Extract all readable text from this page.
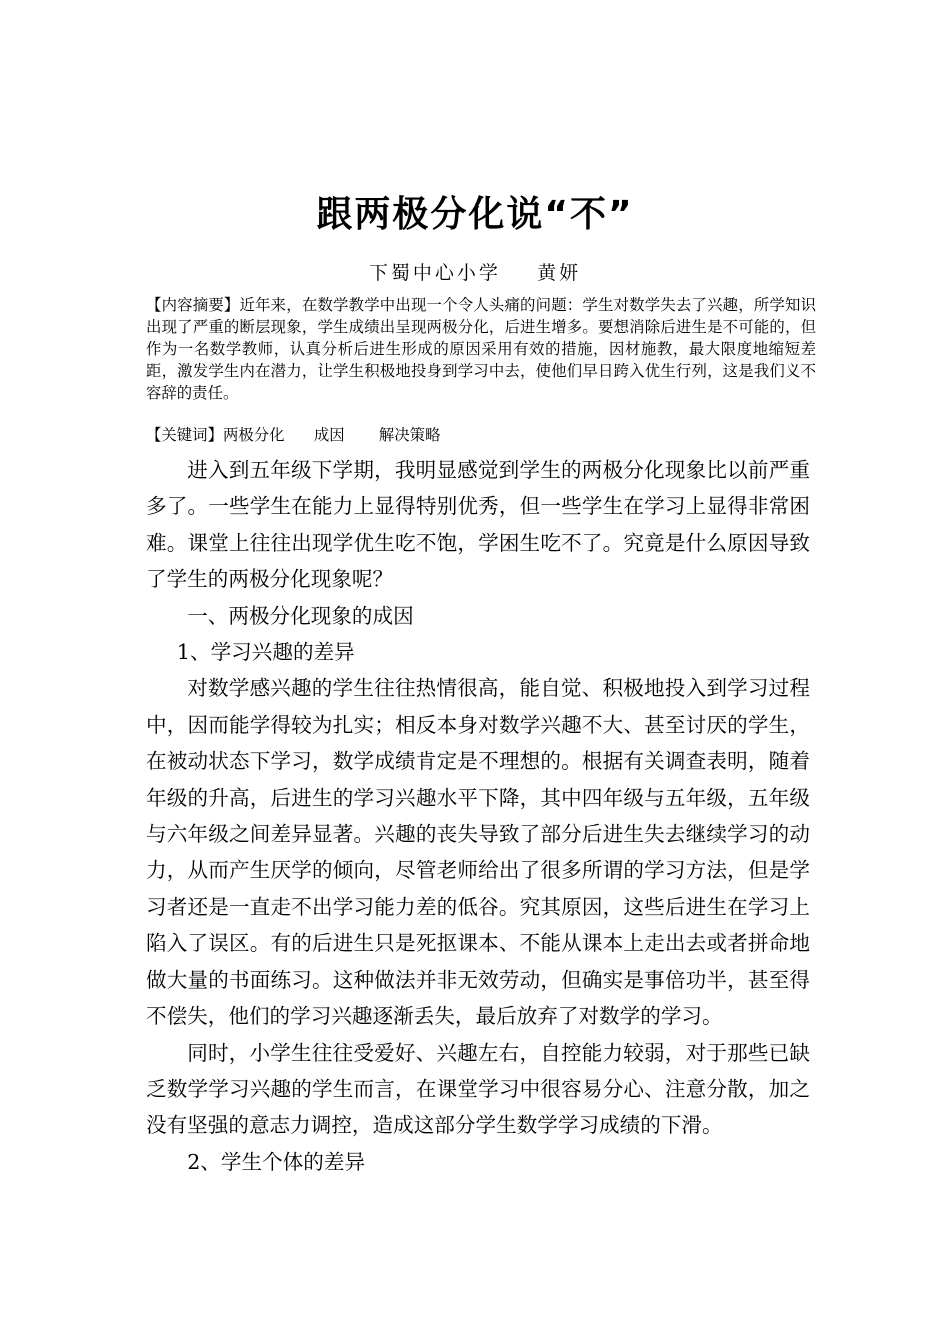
跟两极分化说“不”
下蜀中心小学    黄妍

【内容摘要】近年来，在数学教学中出现一个令人头痛的问题：学生对数学失去了兴趣，所学知识出现了严重的断层现象，学生成绩出呈现两极分化，后进生增多。要想消除后进生是不可能的，但作为一名数学教师，认真分析后进生形成的原因采用有效的措施，因材施教，最大限度地缩短差距，激发学生内在潜力，让学生积极地投身到学习中去，使他们早日跨入优生行列，这是我们义不容辞的责任。

【关键词】两极分化      成因       解决策略

进入到五年级下学期，我明显感觉到学生的两极分化现象比以前严重多了。一些学生在能力上显得特别优秀，但一些学生在学习上显得非常困难。课堂上往往出现学优生吃不饱，学困生吃不了。究竟是什么原因导致了学生的两极分化现象呢？

一、两极分化现象的成因

1、学习兴趣的差异

对数学感兴趣的学生往往热情很高，能自觉、积极地投入到学习过程中，因而能学得较为扎实；相反本身对数学兴趣不大、甚至讨厌的学生，在被动状态下学习，数学成绩肯定是不理想的。根据有关调查表明，随着年级的升高，后进生的学习兴趣水平下降，其中四年级与五年级，五年级与六年级之间差异显著。兴趣的丧失导致了部分后进生失去继续学习的动力，从而产生厌学的倾向，尽管老师给出了很多所谓的学习方法，但是学习者还是一直走不出学习能力差的低谷。究其原因，这些后进生在学习上陷入了误区。有的后进生只是死抠课本、不能从课本上走出去或者拼命地做大量的书面练习。这种做法并非无效劳动，但确实是事倍功半，甚至得不偿失，他们的学习兴趣逐渐丢失，最后放弃了对数学的学习。

同时，小学生往往受爱好、兴趣左右，自控能力较弱，对于那些已缺乏数学学习兴趣的学生而言，在课堂学习中很容易分心、注意分散，加之没有坚强的意志力调控，造成这部分学生数学学习成绩的下滑。

2、学生个体的差异
